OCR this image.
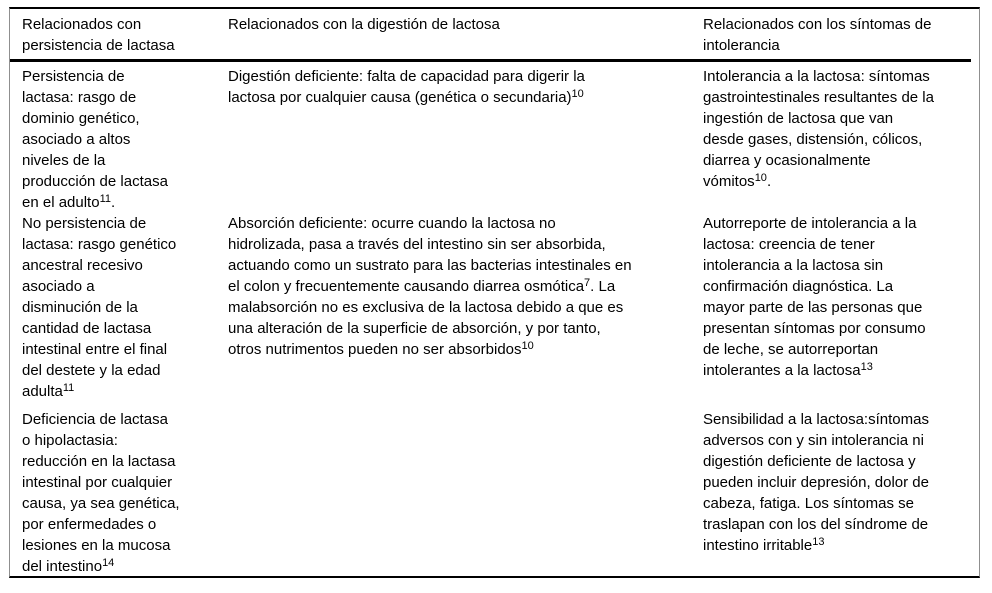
Relacionados con
persistencia de lactasa
Relacionados con la digestión de lactosa	Relacionados con los síntomas de
intolerancia
Persistencia de
lactasa: rasgo de
dominio genético,
asociado a altos
niveles de la
producción de lactasa
en el adulto$^{11}$.
Digestión deficiente: falta de capacidad para digerir la
lactosa por cualquier causa (genética o secundaria)$^{10}$
Intolerancia a la lactosa: síntomas
gastrointestinales resultantes de la
ingestión de lactosa que van
desde gases, distensión, cólicos,
diarrea y ocasionalmente
vómitos$^{10}$.
No persistencia de
lactasa: rasgo genético
ancestral recesivo
asociado a
disminución de la
cantidad de lactasa
intestinal entre el final
del destete y la edad
adulta$^{11}$
Absorción deficiente: ocurre cuando la lactosa no
hidrolizada, pasa a través del intestino sin ser absorbida,
actuando como un sustrato para las bacterias intestinales en
el colon y frecuentemente causando diarrea osmótica$^7$. La
malabsorción no es exclusiva de la lactosa debido a que es
una alteración de la superficie de absorción, y por tanto,
otros nutrimentos pueden no ser absorbidos$^{10}$
Autorreporte de intolerancia a la
lactosa: creencia de tener
intolerancia a la lactosa sin
confirmación diagnóstica. La
mayor parte de las personas que
presentan síntomas por consumo
de leche, se autorreportan
intolerantes a la lactosa$^{13}$
Deficiencia de lactasa
o hipolactasia:
reducción en la lactasa
intestinal por cualquier
causa, ya sea genética,
por enfermedades o
lesiones en la mucosa
del intestino$^{14}$
Sensibilidad a la lactosa:síntomas
adversos con y sin intolerancia ni
digestión deficiente de lactosa y
pueden incluir depresión, dolor de
cabeza, fatiga. Los síntomas se
traslapan con los del síndrome de
intestino irritable$^{13}$
